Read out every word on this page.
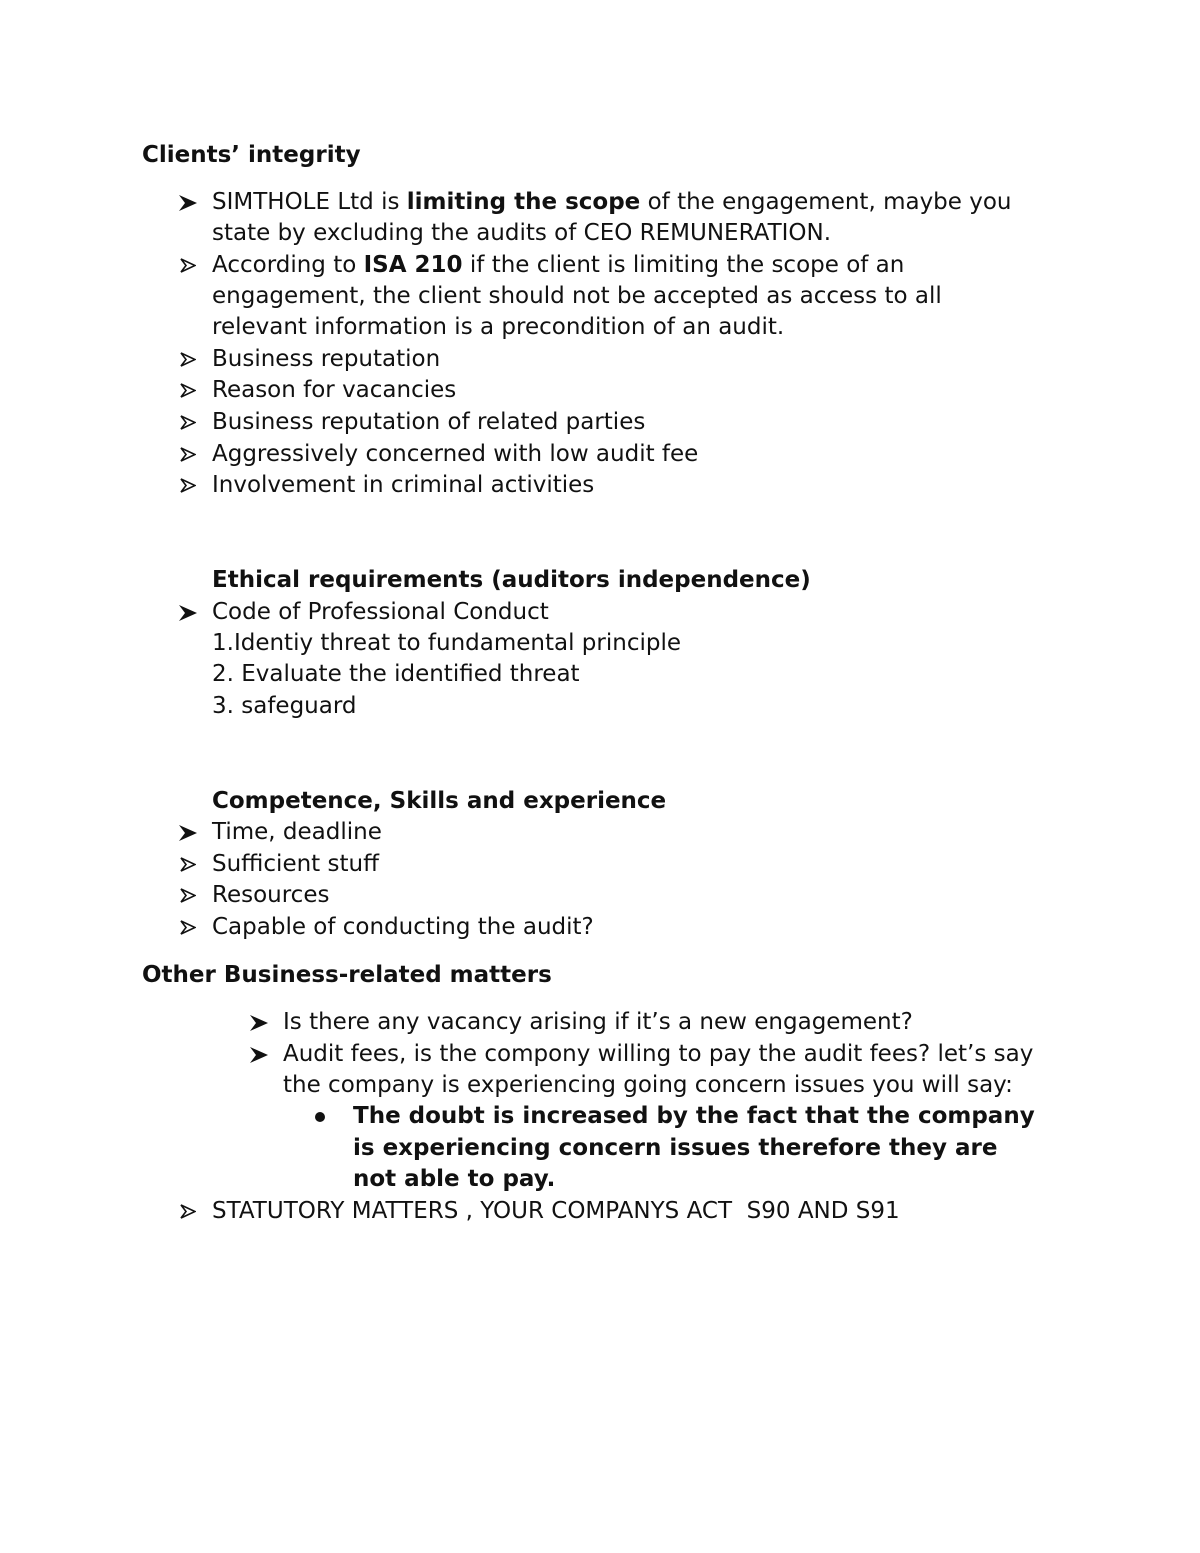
Clients’ integrity
SIMTHOLE Ltd is limiting the scope of the engagement, maybe you
state by excluding the audits of CEO REMUNERATION.
According to ISA 210 if the client is limiting the scope of an
engagement, the client should not be accepted as access to all
relevant information is a precondition of an audit.
Business reputation
Reason for vacancies
Business reputation of related parties
Aggressively concerned with low audit fee
Involvement in criminal activities
Ethical requirements (auditors independence)
Code of Professional Conduct
1.Identiy threat to fundamental principle
2. Evaluate the identified threat
3. safeguard
Competence, Skills and experience
Time, deadline
Sufficient stuff
Resources
Capable of conducting the audit?
Other Business-related matters
Is there any vacancy arising if it’s a new engagement?
Audit fees, is the compony willing to pay the audit fees? let’s say
the company is experiencing going concern issues you will say:
The doubt is increased by the fact that the company
is experiencing concern issues therefore they are
not able to pay.
STATUTORY MATTERS , YOUR COMPANYS ACT  S90 AND S91
